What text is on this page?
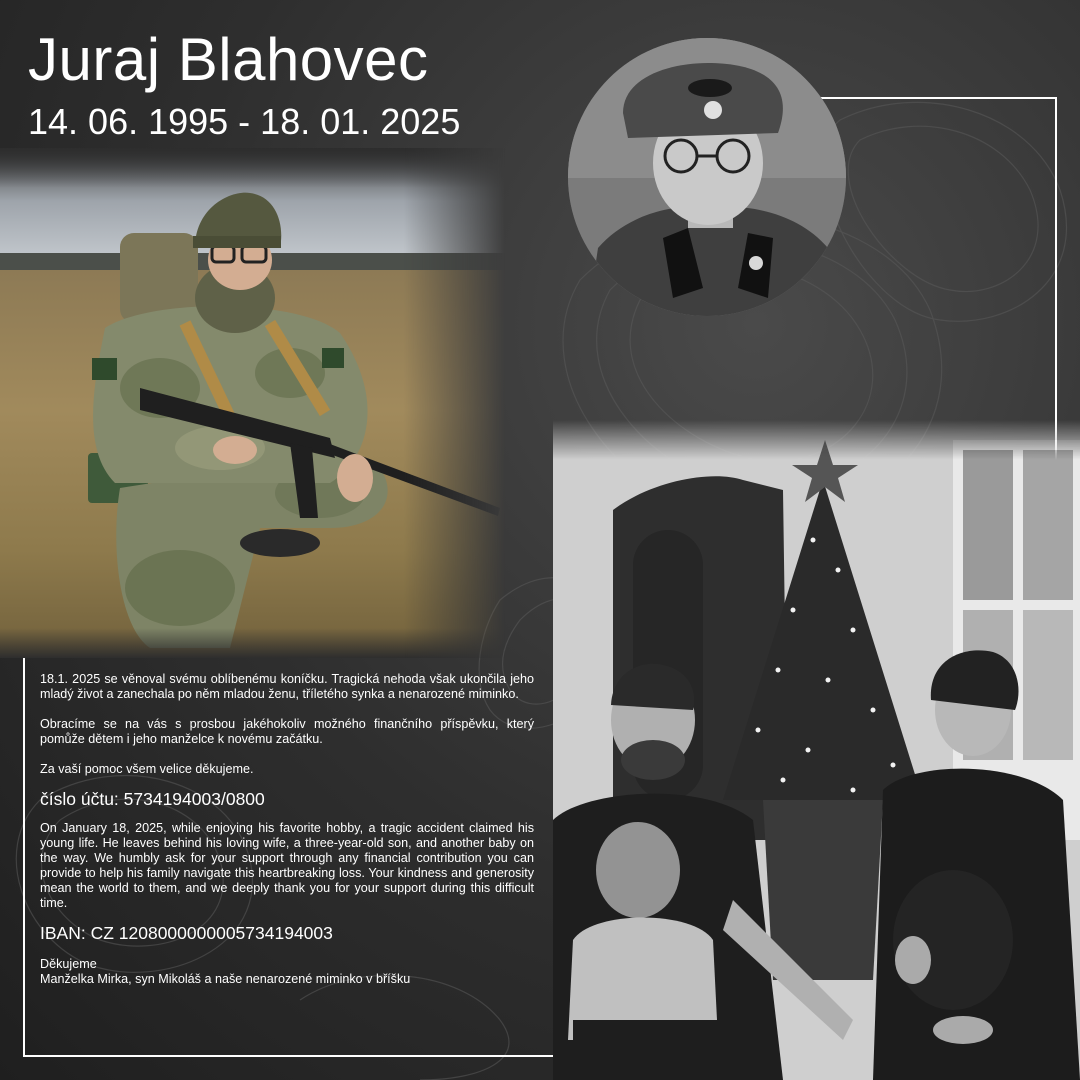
Juraj Blahovec
14. 06. 1995 - 18. 01. 2025

18.1. 2025 se věnoval svému oblíbenému koníčku. Tragická nehoda však ukončila jeho mladý život a zanechala po něm mladou ženu, tříletého synka a nenarozené miminko.

Obracíme se na vás s prosbou jakéhokoliv možného finančního příspěvku, který pomůže dětem i jeho manželce k novému začátku.

Za vaší pomoc všem velice děkujeme.

číslo účtu: 5734194003/0800

On January 18, 2025, while enjoying his favorite hobby, a tragic accident claimed his young life. He leaves behind his loving wife, a three-year-old son, and another baby on the way. We humbly ask for your support through any financial contribution you can provide to help his family navigate this heartbreaking loss. Your kindness and generosity mean the world to them, and we deeply thank you for your support during this difficult time.

IBAN: CZ 1208000000005734194003
Děkujeme
Manželka Mirka, syn Mikoláš a naše nenarozené miminko v bříšku
